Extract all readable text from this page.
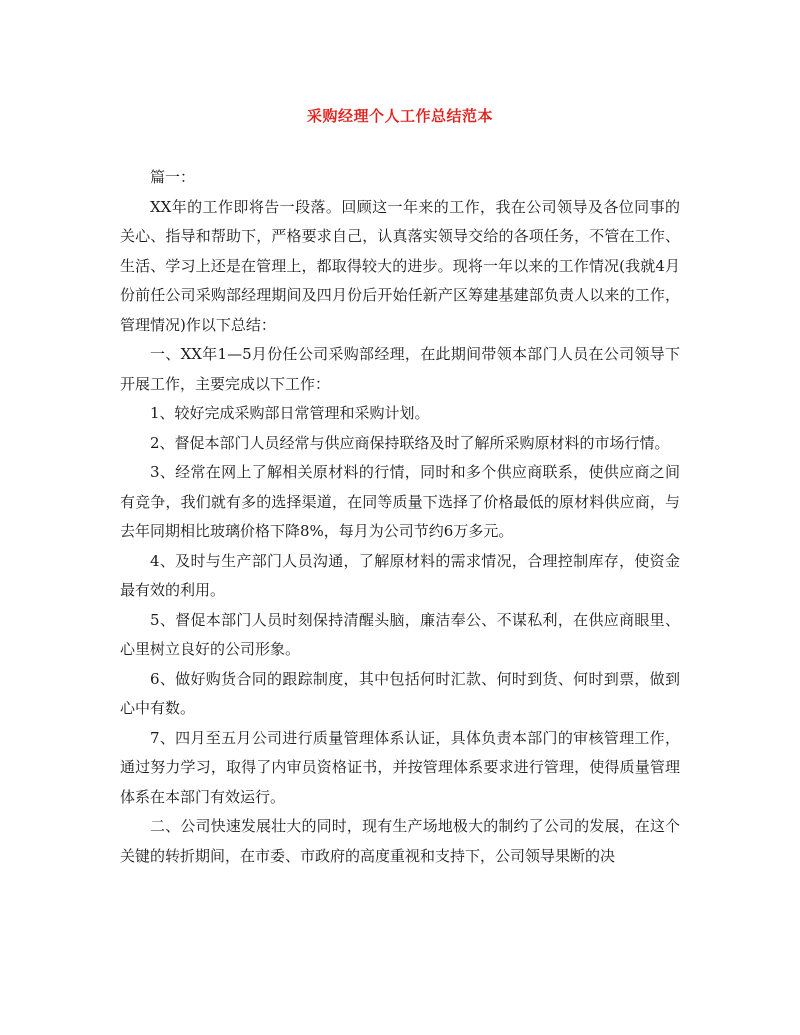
采购经理个人工作总结范本

篇一：

XX年的工作即将告一段落。回顾这一年来的工作，我在公司领导及各位同事的关心、指导和帮助下，严格要求自己，认真落实领导交给的各项任务，不管在工作、生活、学习上还是在管理上，都取得较大的进步。现将一年以来的工作情况(我就4月份前任公司采购部经理期间及四月份后开始任新产区筹建基建部负责人以来的工作，管理情况)作以下总结：

一、XX年1—5月份任公司采购部经理，在此期间带领本部门人员在公司领导下开展工作，主要完成以下工作：

1、较好完成采购部日常管理和采购计划。

2、督促本部门人员经常与供应商保持联络及时了解所采购原材料的市场行情。

3、经常在网上了解相关原材料的行情，同时和多个供应商联系，使供应商之间有竞争，我们就有多的选择渠道，在同等质量下选择了价格最低的原材料供应商，与去年同期相比玻璃价格下降8%，每月为公司节约6万多元。

4、及时与生产部门人员沟通，了解原材料的需求情况，合理控制库存，使资金最有效的利用。

5、督促本部门人员时刻保持清醒头脑，廉洁奉公、不谋私利，在供应商眼里、心里树立良好的公司形象。

6、做好购货合同的跟踪制度，其中包括何时汇款、何时到货、何时到票，做到心中有数。

7、四月至五月公司进行质量管理体系认证，具体负责本部门的审核管理工作，通过努力学习，取得了内审员资格证书，并按管理体系要求进行管理，使得质量管理体系在本部门有效运行。

二、公司快速发展壮大的同时，现有生产场地极大的制约了公司的发展，在这个关键的转折期间，在市委、市政府的高度重视和支持下，公司领导果断的决
